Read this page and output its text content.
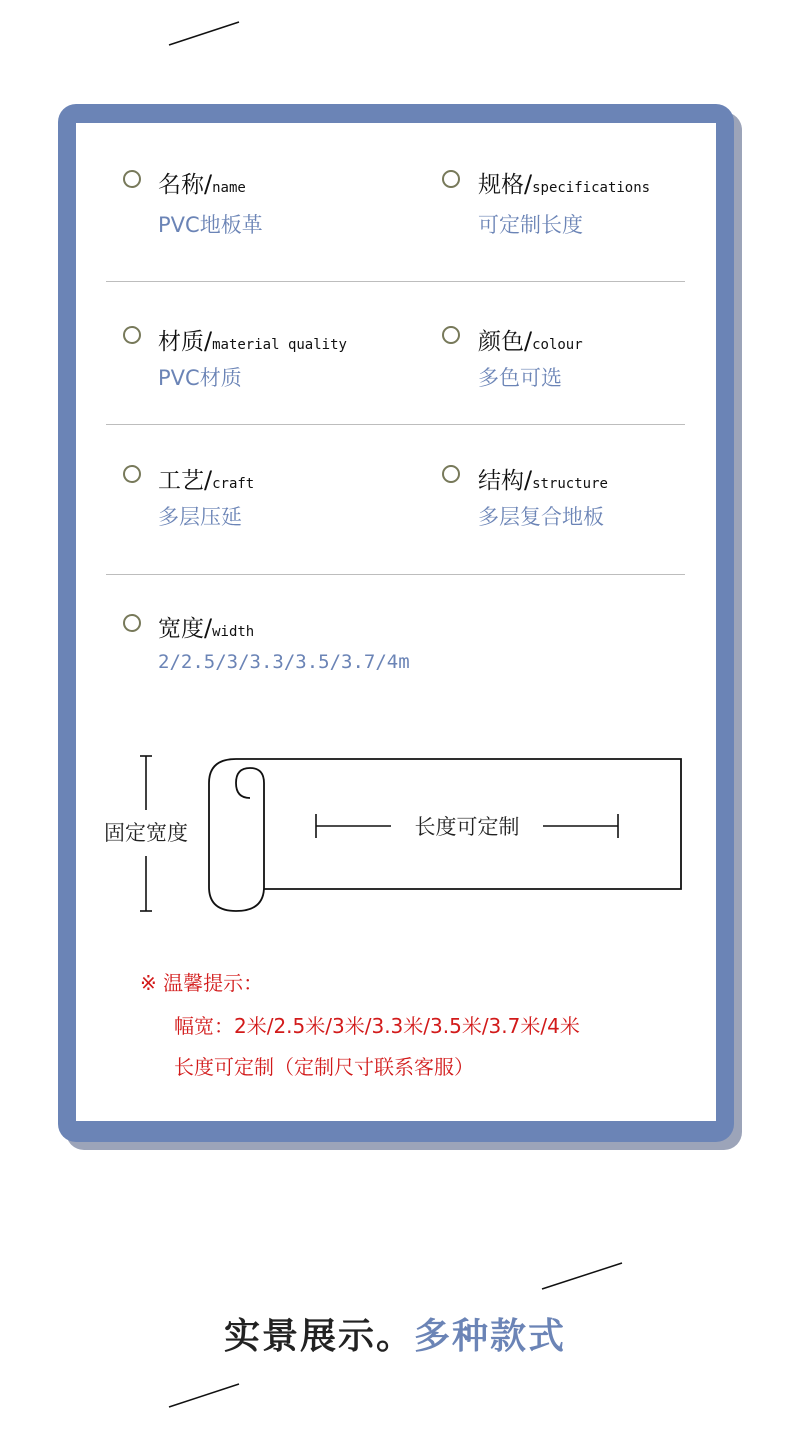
名称/name
PVC地板革
规格/specifications
可定制长度
材质/material quality
PVC材质
颜色/colour
多色可选
工艺/craft
多层压延
结构/structure
多层复合地板
宽度/width
2/2.5/3/3.3/3.5/3.7/4m
固定宽度	长度可定制
※ 温馨提示：
幅宽：2米/2.5米/3米/3.3米/3.5米/3.7米/4米
长度可定制（定制尺寸联系客服）
实景展示。多种款式
